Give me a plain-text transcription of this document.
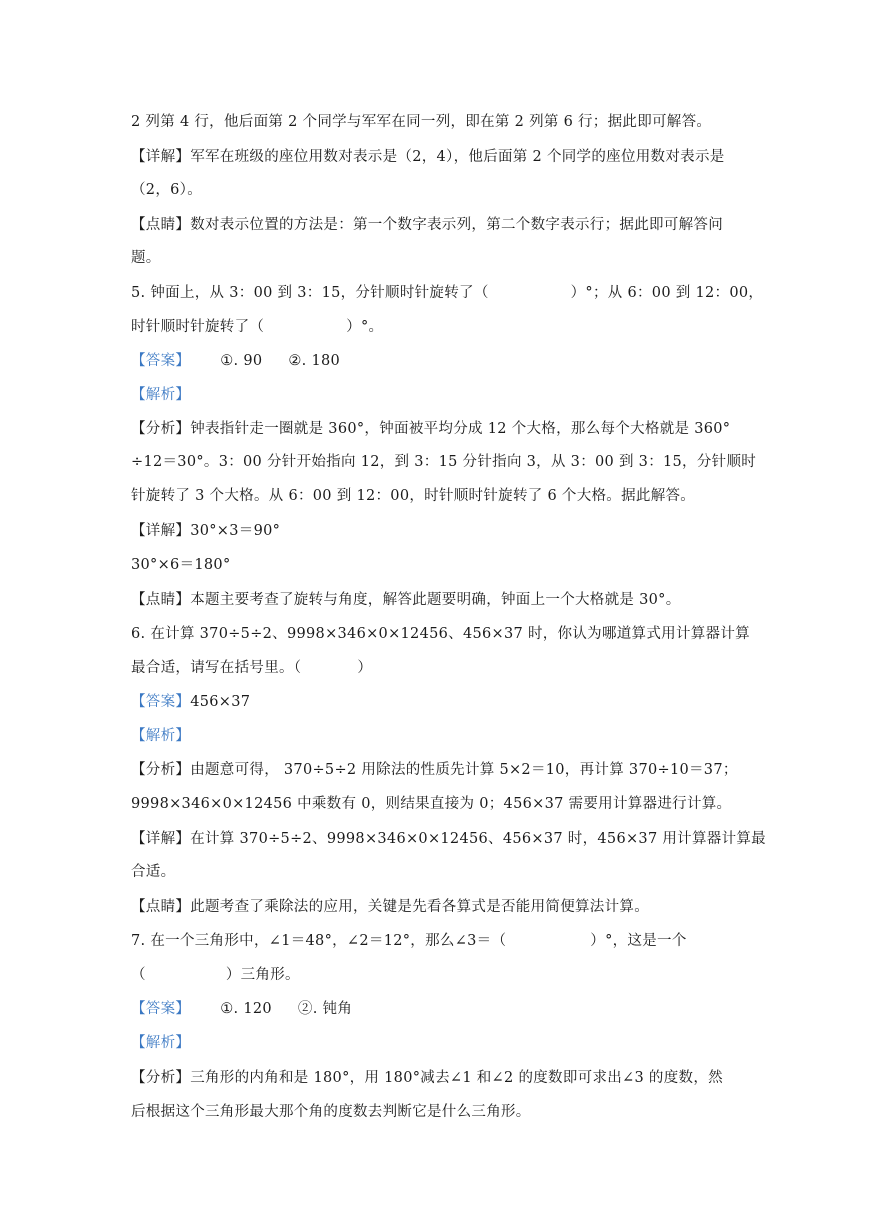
2 列第 4 行，他后面第 2 个同学与军军在同一列，即在第 2 列第 6 行；据此即可解答。
【详解】军军在班级的座位用数对表示是（2，4），他后面第 2 个同学的座位用数对表示是
（2，6）。
【点睛】数对表示位置的方法是：第一个数字表示列，第二个数字表示行；据此即可解答问
题。
5. 钟面上，从 3：00 到 3：15，分针顺时针旋转了（	）°；从 6：00 到 12：00，
时针顺时针旋转了（	）°。
【答案】 ①. 90 ②. 180
【解析】
【分析】钟表指针走一圈就是 360°，钟面被平均分成 12 个大格，那么每个大格就是 360°
÷12＝30°。3：00 分针开始指向 12，到 3：15 分针指向 3，从 3：00 到 3：15，分针顺时
针旋转了 3 个大格。从 6：00 到 12：00，时针顺时针旋转了 6 个大格。据此解答。
【详解】30°×3＝90°
30°×6＝180°
【点睛】本题主要考查了旋转与角度，解答此题要明确，钟面上一个大格就是 30°。
6. 在计算 370÷5÷2、9998×346×0×12456、456×37 时，你认为哪道算式用计算器计算
最合适，请写在括号里。（	）
【答案】456×37
【解析】
【分析】由题意可得， 370÷5÷2 用除法的性质先计算 5×2＝10，再计算 370÷10＝37；
9998×346×0×12456 中乘数有 0，则结果直接为 0；456×37 需要用计算器进行计算。
【详解】在计算 370÷5÷2、9998×346×0×12456、456×37 时，456×37 用计算器计算最
合适。
【点睛】此题考查了乘除法的应用，关键是先看各算式是否能用简便算法计算。
7. 在一个三角形中，∠1＝48°，∠2＝12°，那么∠3＝（	）°，这是一个
（	）三角形。
【答案】 ①. 120 ②. 钝角
【解析】
【分析】三角形的内角和是 180°，用 180°减去∠1 和∠2 的度数即可求出∠3 的度数，然
后根据这个三角形最大那个角的度数去判断它是什么三角形。
